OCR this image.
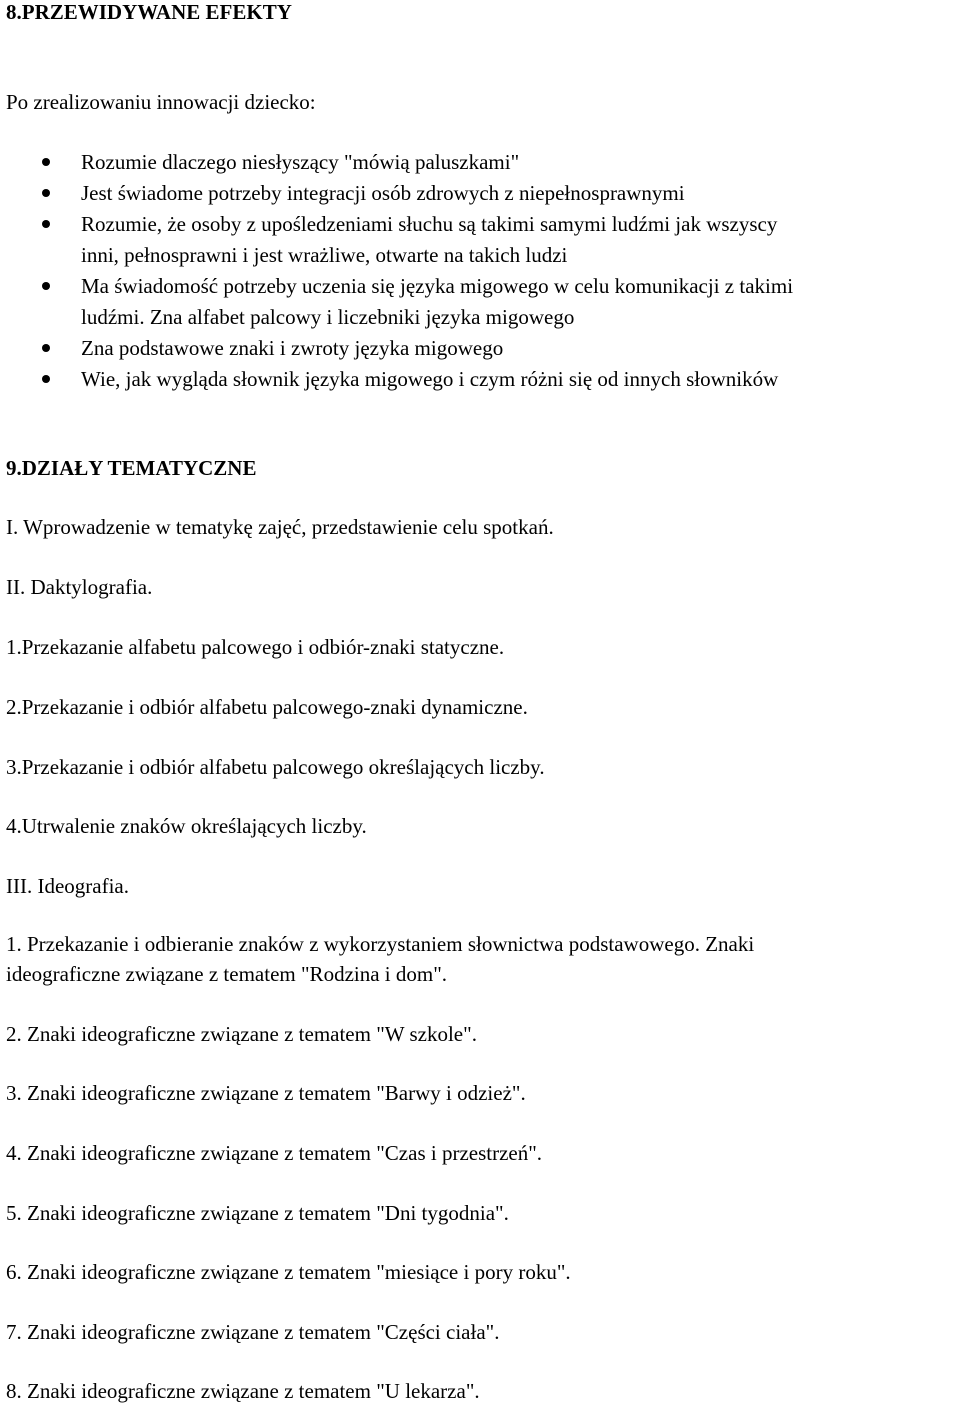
8.PRZEWIDYWANE EFEKTY
Po zrealizowaniu innowacji dziecko:
Rozumie dlaczego niesłyszący "mówią paluszkami"
Jest świadome potrzeby integracji osób zdrowych z niepełnosprawnymi
Rozumie, że osoby z upośledzeniami słuchu są takimi samymi ludźmi jak wszyscy
inni, pełnosprawni i jest wrażliwe, otwarte na takich ludzi
Ma świadomość potrzeby uczenia się języka migowego w celu komunikacji z takimi
ludźmi. Zna alfabet palcowy i liczebniki języka migowego
Zna podstawowe znaki i zwroty języka migowego
Wie, jak wygląda słownik języka migowego i czym różni się od innych słowników
9.DZIAŁY TEMATYCZNE
I. Wprowadzenie w tematykę zajęć, przedstawienie celu spotkań.
II. Daktylografia.
1.Przekazanie alfabetu palcowego i odbiór-znaki statyczne.
2.Przekazanie i odbiór alfabetu palcowego-znaki dynamiczne.
3.Przekazanie i odbiór alfabetu palcowego określających liczby.
4.Utrwalenie znaków określających liczby.
III. Ideografia.
1. Przekazanie i odbieranie znaków z wykorzystaniem słownictwa podstawowego. Znaki
ideograficzne związane z tematem "Rodzina i dom".
2. Znaki ideograficzne związane z tematem "W szkole".
3. Znaki ideograficzne związane z tematem "Barwy i odzież".
4. Znaki ideograficzne związane z tematem "Czas i przestrzeń".
5. Znaki ideograficzne związane z tematem "Dni tygodnia".
6. Znaki ideograficzne związane z tematem "miesiące i pory roku".
7. Znaki ideograficzne związane z tematem "Części ciała".
8. Znaki ideograficzne związane z tematem "U lekarza".
